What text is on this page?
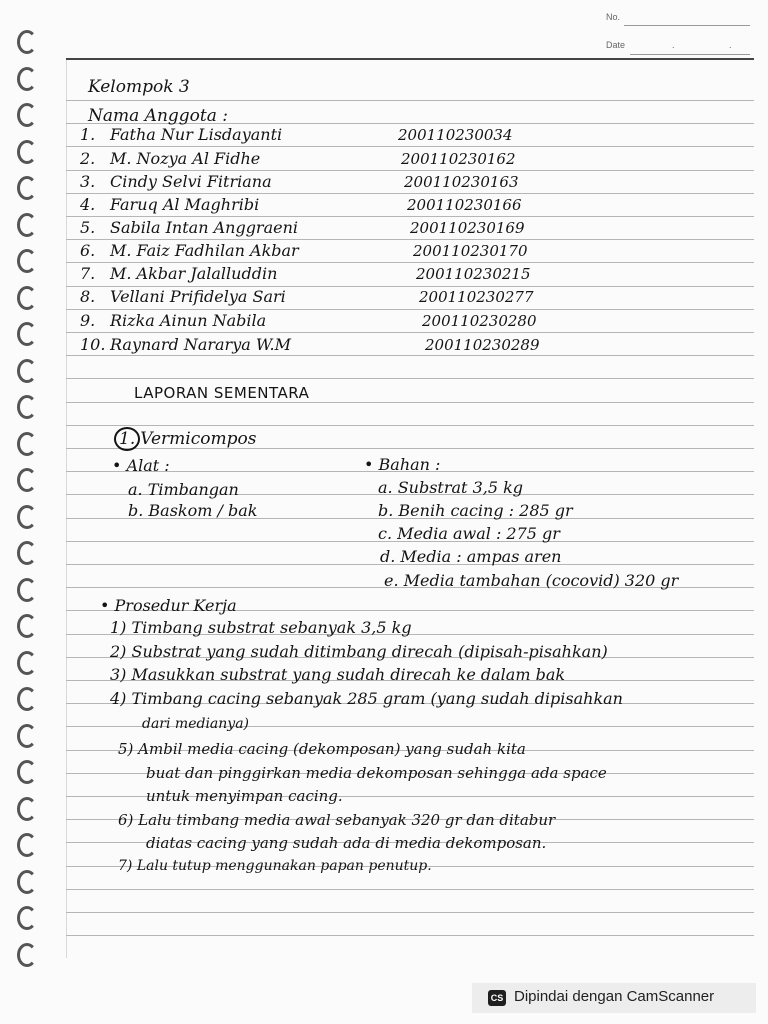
No.
Date	. .
Kelompok 3
Nama Anggota :
1. Fatha Nur Lisdayanti	200110230034
2. M. Nozya Al Fidhe	200110230162
3. Cindy Selvi Fitriana	200110230163
4. Faruq Al Maghribi	200110230166
5. Sabila Intan Anggraeni	200110230169
6. M. Faiz Fadhilan Akbar	200110230170
7. M. Akbar Jalalluddin	200110230215
8. Vellani Prifidelya Sari	200110230277
9. Rizka Ainun Nabila	200110230280
10. Raynard Nararya W.M	200110230289
LAPORAN SEMENTARA
1. Vermicompos
• Alat :
a. Timbangan
b. Baskom / bak
• Bahan :
a. Substrat 3,5 kg
b. Benih cacing : 285 gr
c. Media awal : 275 gr
d. Media : ampas aren
e. Media tambahan (cocovid) 320 gr
• Prosedur Kerja
1) Timbang substrat sebanyak 3,5 kg
2) Substrat yang sudah ditimbang direcah (dipisah-pisahkan)
3) Masukkan substrat yang sudah direcah ke dalam bak
4) Timbang cacing sebanyak 285 gram (yang sudah dipisahkan
dari medianya)
5) Ambil media cacing (dekomposan) yang sudah kita
buat dan pinggirkan media dekomposan sehingga ada space
untuk menyimpan cacing.
6) Lalu timbang media awal sebanyak 320 gr dan ditabur
diatas cacing yang sudah ada di media dekomposan.
7) Lalu tutup menggunakan papan penutup.
CS Dipindai dengan CamScanner
